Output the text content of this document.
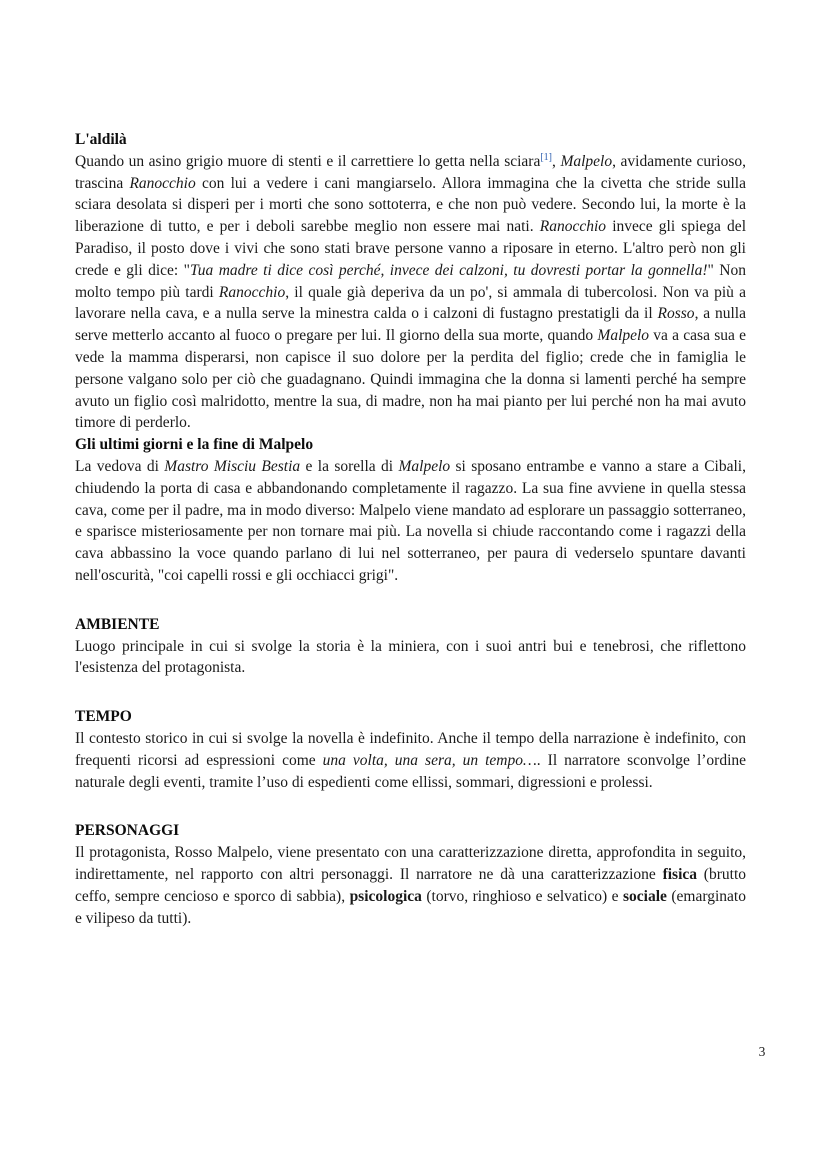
L'aldilà

Quando un asino grigio muore di stenti e il carrettiere lo getta nella sciara[1], Malpelo, avidamente curioso, trascina Ranocchio con lui a vedere i cani mangiarselo. Allora immagina che la civetta che stride sulla sciara desolata si disperi per i morti che sono sottoterra, e che non può vedere. Secondo lui, la morte è la liberazione di tutto, e per i deboli sarebbe meglio non essere mai nati. Ranocchio invece gli spiega del Paradiso, il posto dove i vivi che sono stati brave persone vanno a riposare in eterno. L'altro però non gli crede e gli dice: "Tua madre ti dice così perché, invece dei calzoni, tu dovresti portar la gonnella!" Non molto tempo più tardi Ranocchio, il quale già deperiva da un po', si ammala di tubercolosi. Non va più a lavorare nella cava, e a nulla serve la minestra calda o i calzoni di fustagno prestatigli da il Rosso, a nulla serve metterlo accanto al fuoco o pregare per lui. Il giorno della sua morte, quando Malpelo va a casa sua e vede la mamma disperarsi, non capisce il suo dolore per la perdita del figlio; crede che in famiglia le persone valgano solo per ciò che guadagnano. Quindi immagina che la donna si lamenti perché ha sempre avuto un figlio così malridotto, mentre la sua, di madre, non ha mai pianto per lui perché non ha mai avuto timore di perderlo.

Gli ultimi giorni e la fine di Malpelo

La vedova di Mastro Misciu Bestia e la sorella di Malpelo si sposano entrambe e vanno a stare a Cibali, chiudendo la porta di casa e abbandonando completamente il ragazzo. La sua fine avviene in quella stessa cava, come per il padre, ma in modo diverso: Malpelo viene mandato ad esplorare un passaggio sotterraneo, e sparisce misteriosamente per non tornare mai più. La novella si chiude raccontando come i ragazzi della cava abbassino la voce quando parlano di lui nel sotterraneo, per paura di vederselo spuntare davanti nell'oscurità, "coi capelli rossi e gli occhiacci grigi".

AMBIENTE

Luogo principale in cui si svolge la storia è la miniera, con i suoi antri bui e tenebrosi, che riflettono l'esistenza del protagonista.

TEMPO

Il contesto storico in cui si svolge la novella è indefinito. Anche il tempo della narrazione è indefinito, con frequenti ricorsi ad espressioni come una volta, una sera, un tempo…. Il narratore sconvolge l’ordine naturale degli eventi, tramite l’uso di espedienti come ellissi, sommari, digressioni e prolessi.

PERSONAGGI

Il protagonista, Rosso Malpelo, viene presentato con una caratterizzazione diretta, approfondita in seguito, indirettamente, nel rapporto con altri personaggi. Il narratore ne dà una caratterizzazione fisica (brutto ceffo, sempre cencioso e sporco di sabbia), psicologica (torvo, ringhioso e selvatico) e sociale (emarginato e vilipeso da tutti).

3
